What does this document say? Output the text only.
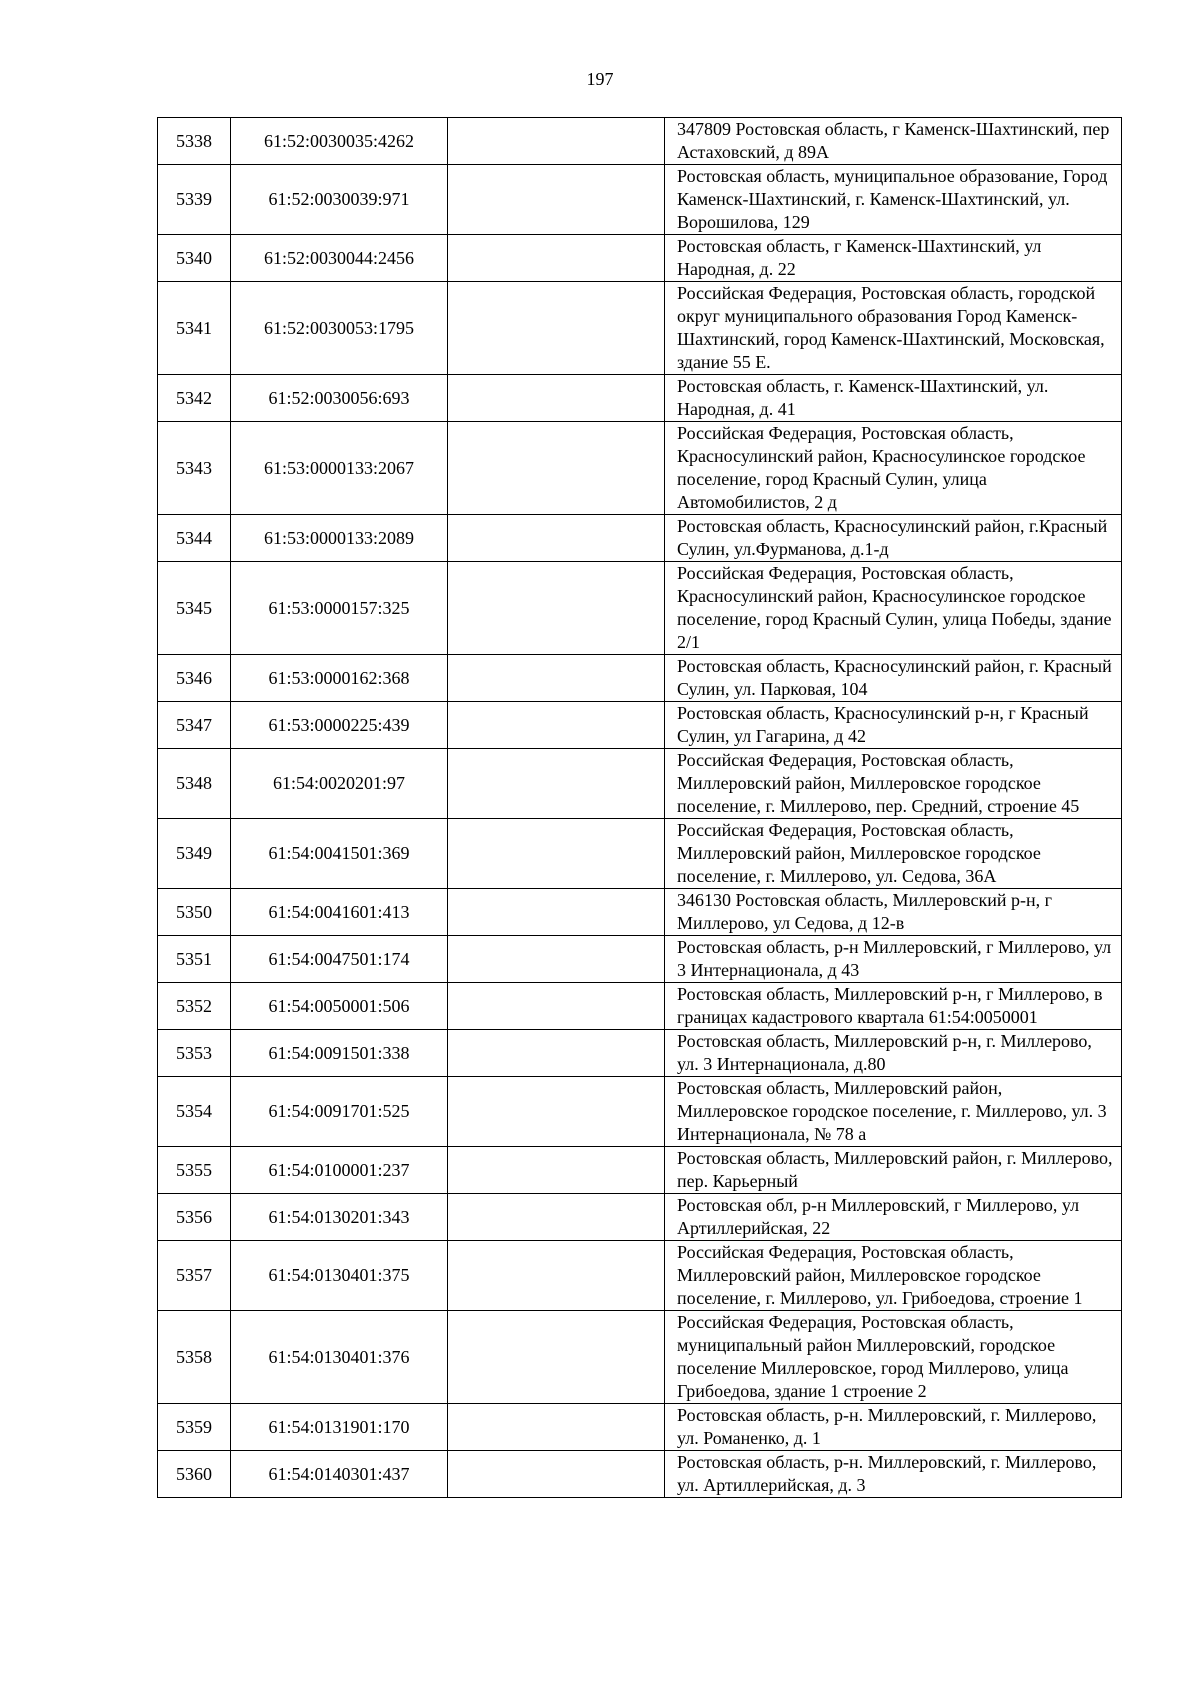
197
5338	61:52:0030035:4262		347809 Ростовская область, г Каменск-Шахтинский, пер Астаховский, д 89А
5339	61:52:0030039:971		Ростовская область, муниципальное образование, Город Каменск-Шахтинский, г. Каменск-Шахтинский, ул. Ворошилова, 129
5340	61:52:0030044:2456		Ростовская область, г Каменск-Шахтинский, ул Народная, д. 22
5341	61:52:0030053:1795		Российская Федерация, Ростовская область, городской округ муниципального образования Город Каменск-Шахтинский, город Каменск-Шахтинский, Московская, здание 55 Е.
5342	61:52:0030056:693		Ростовская область, г. Каменск-Шахтинский, ул. Народная, д. 41
5343	61:53:0000133:2067		Российская Федерация, Ростовская область, Красносулинский район, Красносулинское городское поселение, город Красный Сулин, улица Автомобилистов, 2 д
5344	61:53:0000133:2089		Ростовская область, Красносулинский район, г.Красный Сулин, ул.Фурманова, д.1-д
5345	61:53:0000157:325		Российская Федерация, Ростовская область, Красносулинский район, Красносулинское городское поселение, город Красный Сулин, улица Победы, здание 2/1
5346	61:53:0000162:368		Ростовская область, Красносулинский район, г. Красный Сулин, ул. Парковая, 104
5347	61:53:0000225:439		Ростовская область, Красносулинский р-н, г Красный Сулин, ул Гагарина, д 42
5348	61:54:0020201:97		Российская Федерация, Ростовская область, Миллеровский район, Миллеровское городское поселение, г. Миллерово, пер. Средний, строение 45
5349	61:54:0041501:369		Российская Федерация, Ростовская область, Миллеровский район, Миллеровское городское поселение, г. Миллерово, ул. Седова, 36А
5350	61:54:0041601:413		346130 Ростовская область, Миллеровский р-н, г Миллерово, ул Седова, д 12-в
5351	61:54:0047501:174		Ростовская область, р-н Миллеровский, г Миллерово, ул 3 Интернационала, д 43
5352	61:54:0050001:506		Ростовская область, Миллеровский р-н, г Миллерово, в границах кадастрового квартала 61:54:0050001
5353	61:54:0091501:338		Ростовская область, Миллеровский р-н, г. Миллерово, ул. 3 Интернационала, д.80
5354	61:54:0091701:525		Ростовская область, Миллеровский район, Миллеровское городское поселение, г. Миллерово, ул. 3 Интернационала, № 78 а
5355	61:54:0100001:237		Ростовская область, Миллеровский район, г. Миллерово, пер. Карьерный
5356	61:54:0130201:343		Ростовская обл, р-н Миллеровский, г Миллерово, ул Артиллерийская, 22
5357	61:54:0130401:375		Российская Федерация, Ростовская область, Миллеровский район, Миллеровское городское поселение, г. Миллерово, ул. Грибоедова, строение 1
5358	61:54:0130401:376		Российская Федерация, Ростовская область, муниципальный район Миллеровский, городское поселение Миллеровское, город Миллерово, улица Грибоедова, здание 1 строение 2
5359	61:54:0131901:170		Ростовская область, р-н. Миллеровский, г. Миллерово, ул. Романенко, д. 1
5360	61:54:0140301:437		Ростовская область, р-н. Миллеровский, г. Миллерово, ул. Артиллерийская, д. 3
